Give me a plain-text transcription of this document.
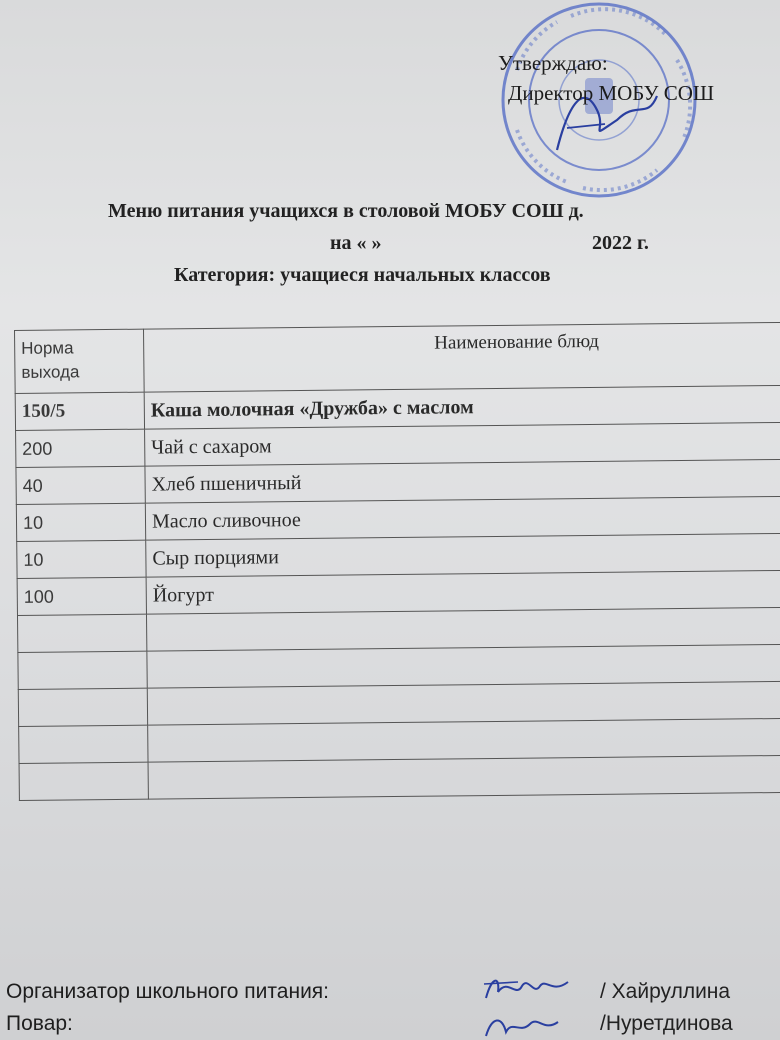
Утверждаю:
Директор МОБУ СОШ
Меню питания учащихся в столовой МОБУ СОШ д.
на « »	2022 г.
Категория: учащиеся начальных классов
Норма
выхода	Наименование блюд
150/5	Каша молочная «Дружба» с маслом
200	Чай с сахаром
40	Хлеб пшеничный
10	Масло сливочное
10	Сыр порциями
100	Йогурт

Организатор школьного питания:	/ Хайруллина
Повар:	/Нуретдинова
